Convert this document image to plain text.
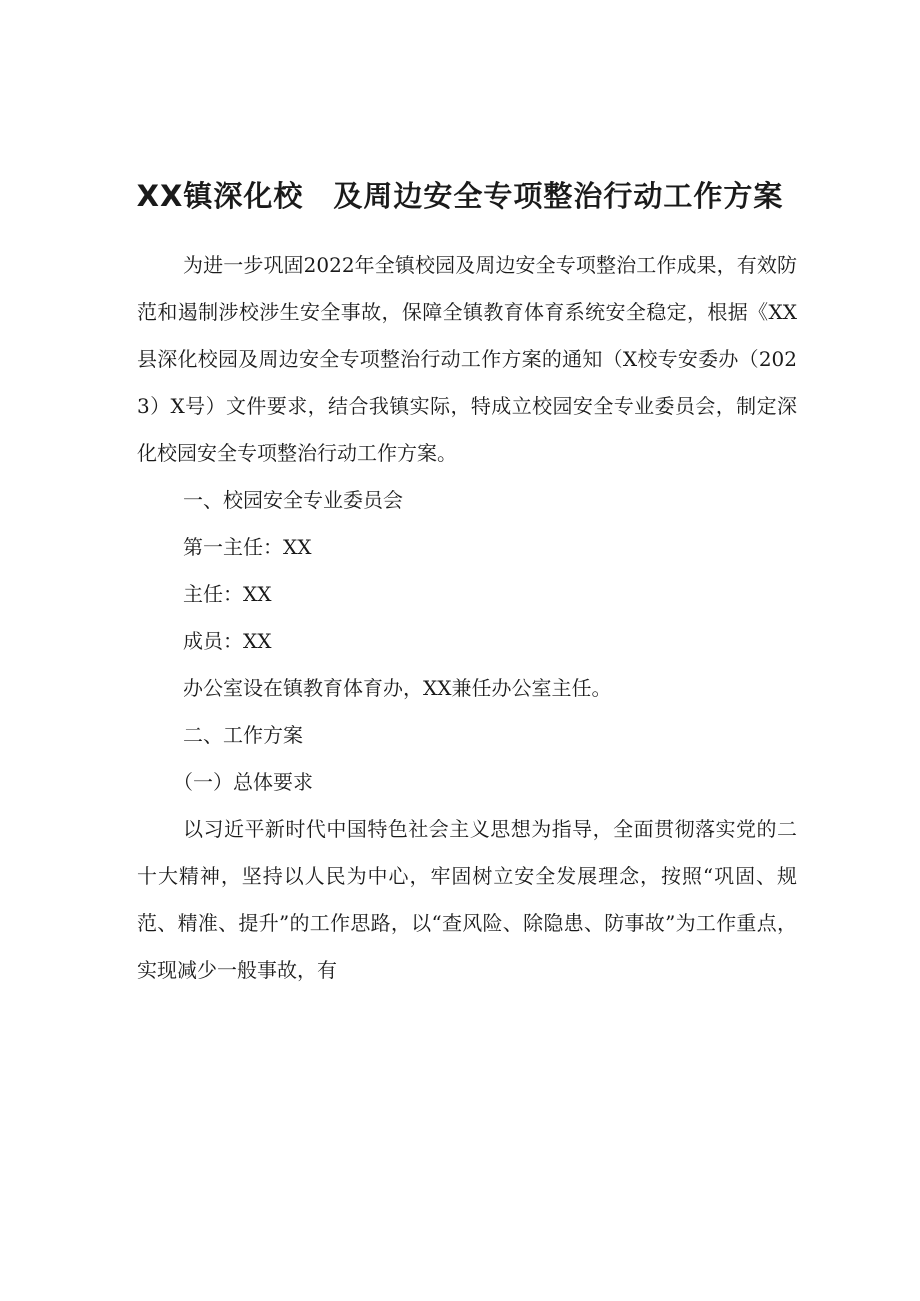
XX镇深化校　及周边安全专项整治行动工作方案

为进一步巩固2022年全镇校园及周边安全专项整治工作成果，有效防范和遏制涉校涉生安全事故，保障全镇教育体育系统安全稳定，根据《XX县深化校园及周边安全专项整治行动工作方案的通知（X校专安委办（2023）X号）文件要求，结合我镇实际，特成立校园安全专业委员会，制定深化校园安全专项整治行动工作方案。

一、校园安全专业委员会

第一主任：XX

主任：XX

成员：XX

办公室设在镇教育体育办，XX兼任办公室主任。

二、工作方案

（一）总体要求

以习近平新时代中国特色社会主义思想为指导，全面贯彻落实党的二十大精神，坚持以人民为中心，牢固树立安全发展理念，按照“巩固、规范、精准、提升”的工作思路，以“查风险、除隐患、防事故”为工作重点，实现减少一般事故，有
